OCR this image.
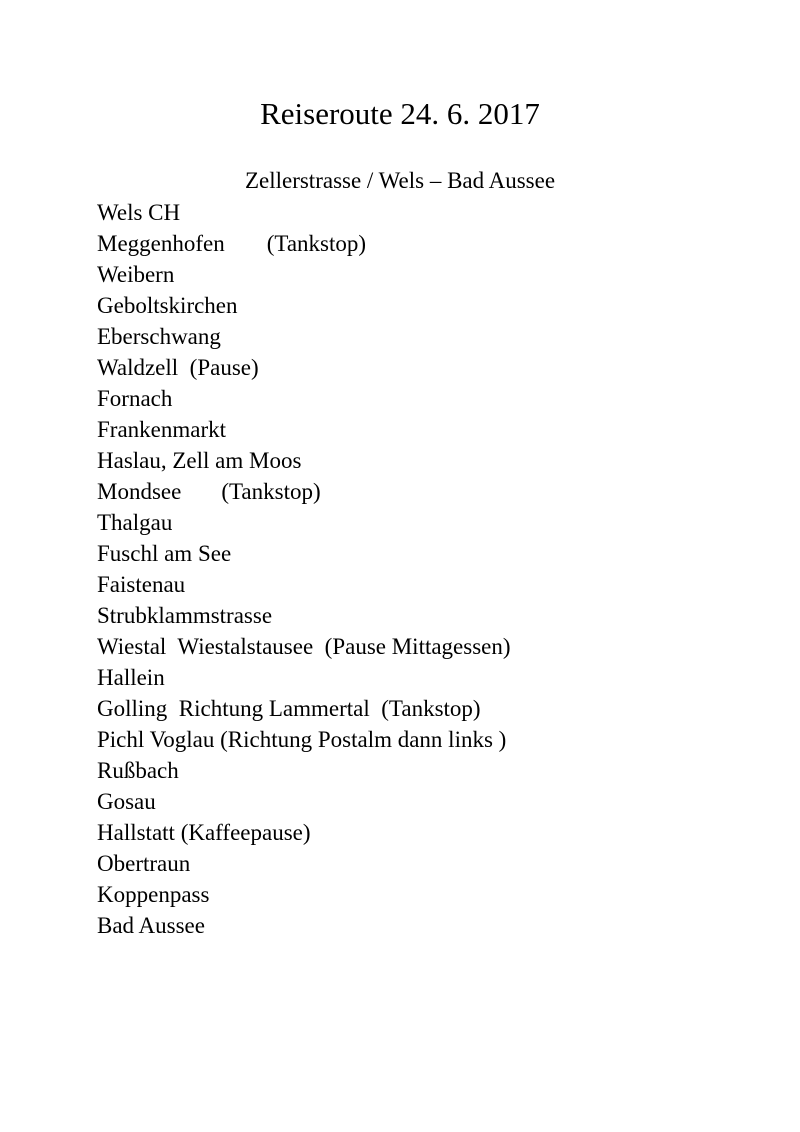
Reiseroute 24. 6. 2017
Zellerstrasse / Wels – Bad Aussee
Wels CH
Meggenhofen (Tankstop)
Weibern
Geboltskirchen
Eberschwang
Waldzell (Pause)
Fornach
Frankenmarkt
Haslau, Zell am Moos
Mondsee (Tankstop)
Thalgau
Fuschl am See
Faistenau
Strubklammstrasse
Wiestal  Wiestalstausee (Pause Mittagessen)
Hallein
Golling  Richtung Lammertal (Tankstop)
Pichl Voglau (Richtung Postalm dann links )
Rußbach
Gosau
Hallstatt (Kaffeepause)
Obertraun
Koppenpass
Bad Aussee
